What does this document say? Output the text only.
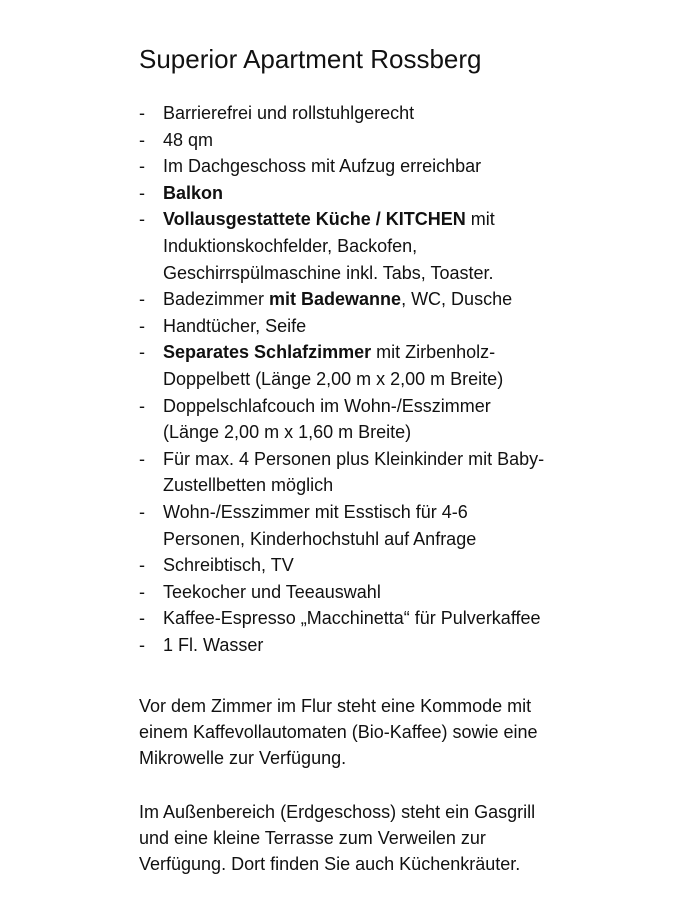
Superior Apartment Rossberg
- Barrierefrei und rollstuhlgerecht
- 48 qm
- Im Dachgeschoss mit Aufzug erreichbar
- Balkon
- Vollausgestattete Küche / KITCHEN mit
Induktionskochfelder, Backofen,
Geschirrspülmaschine inkl. Tabs, Toaster.
- Badezimmer mit Badewanne, WC, Dusche
- Handtücher, Seife
- Separates Schlafzimmer mit Zirbenholz-
Doppelbett (Länge 2,00 m x 2,00 m Breite)
- Doppelschlafcouch im Wohn-/Esszimmer
(Länge 2,00 m x 1,60 m Breite)
- Für max. 4 Personen plus Kleinkinder mit Baby-
Zustellbetten möglich
- Wohn-/Esszimmer mit Esstisch für 4-6
Personen, Kinderhochstuhl auf Anfrage
- Schreibtisch, TV
- Teekocher und Teeauswahl
- Kaffee-Espresso „Macchinetta“ für Pulverkaffee
- 1 Fl. Wasser
Vor dem Zimmer im Flur steht eine Kommode mit
einem Kaffevollautomaten (Bio-Kaffee) sowie eine
Mikrowelle zur Verfügung.
Im Außenbereich (Erdgeschoss) steht ein Gasgrill
und eine kleine Terrasse zum Verweilen zur
Verfügung. Dort finden Sie auch Küchenkräuter.
